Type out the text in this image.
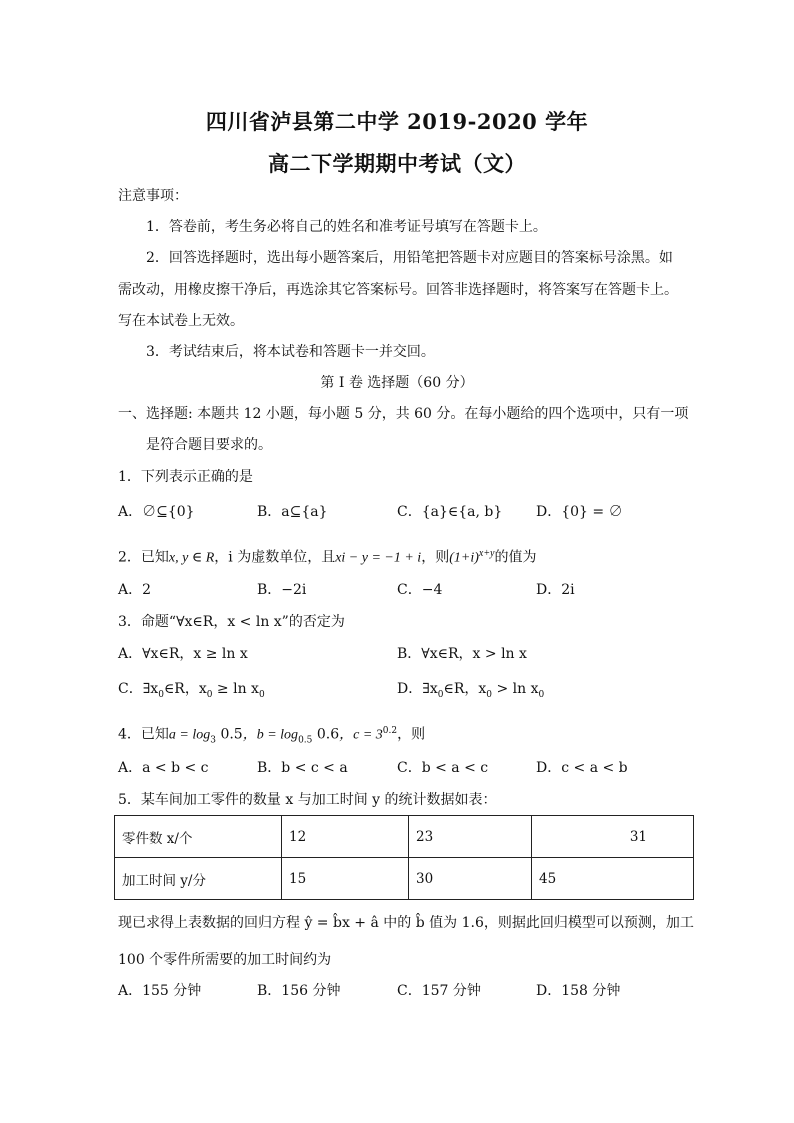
四川省泸县第二中学 2019-2020 学年
高二下学期期中考试（文）
注意事项：
1．答卷前，考生务必将自己的姓名和准考证号填写在答题卡上。
2．回答选择题时，选出每小题答案后，用铅笔把答题卡对应题目的答案标号涂黑。如
需改动，用橡皮擦干净后，再选涂其它答案标号。回答非选择题时，将答案写在答题卡上。
写在本试卷上无效。
3．考试结束后，将本试卷和答题卡一并交回。
第 I 卷 选择题（60 分）
一、选择题: 本题共 12 小题，每小题 5 分，共 60 分。在每小题给的四个选项中，只有一项
是符合题目要求的。
1．下列表示正确的是
A．∅⊆{0}	B．a⊆{a}	C．{a}∈{a, b} D．{0} = ∅
2．已知x, y ∈ R，i 为虚数单位，且xi − y = −1 + i，则$(1+i)^{x+y}$的值为
A．2	B．−2i	C．−4	D．2i
3．命题“∀x∈R，x < ln x”的否定为
A．∀x∈R，x ≥ ln x	B．∀x∈R，x > ln x
C．$\exists x_0\in R$，$x_0 \ge \ln x_0$	D．$\exists x_0\in R$，$x_0 > \ln x_0$
4．已知$a = \log_3 0.5$，$b = \log_{0.5} 0.6$，$c = 3^{0.2}$，则
A．a < b < c	B．b < c < a	C．b < a < c	D．c < a < b
5．某车间加工零件的数量 x 与加工时间 y 的统计数据如表：
零件数 x/个	12	23	31
加工时间 y/分	15	30	45
现已求得上表数据的回归方程 ŷ = b̂x + â 中的 b̂ 值为 1.6，则据此回归模型可以预测，加工
100 个零件所需要的加工时间约为
A．155 分钟	B．156 分钟	C．157 分钟	D．158 分钟
